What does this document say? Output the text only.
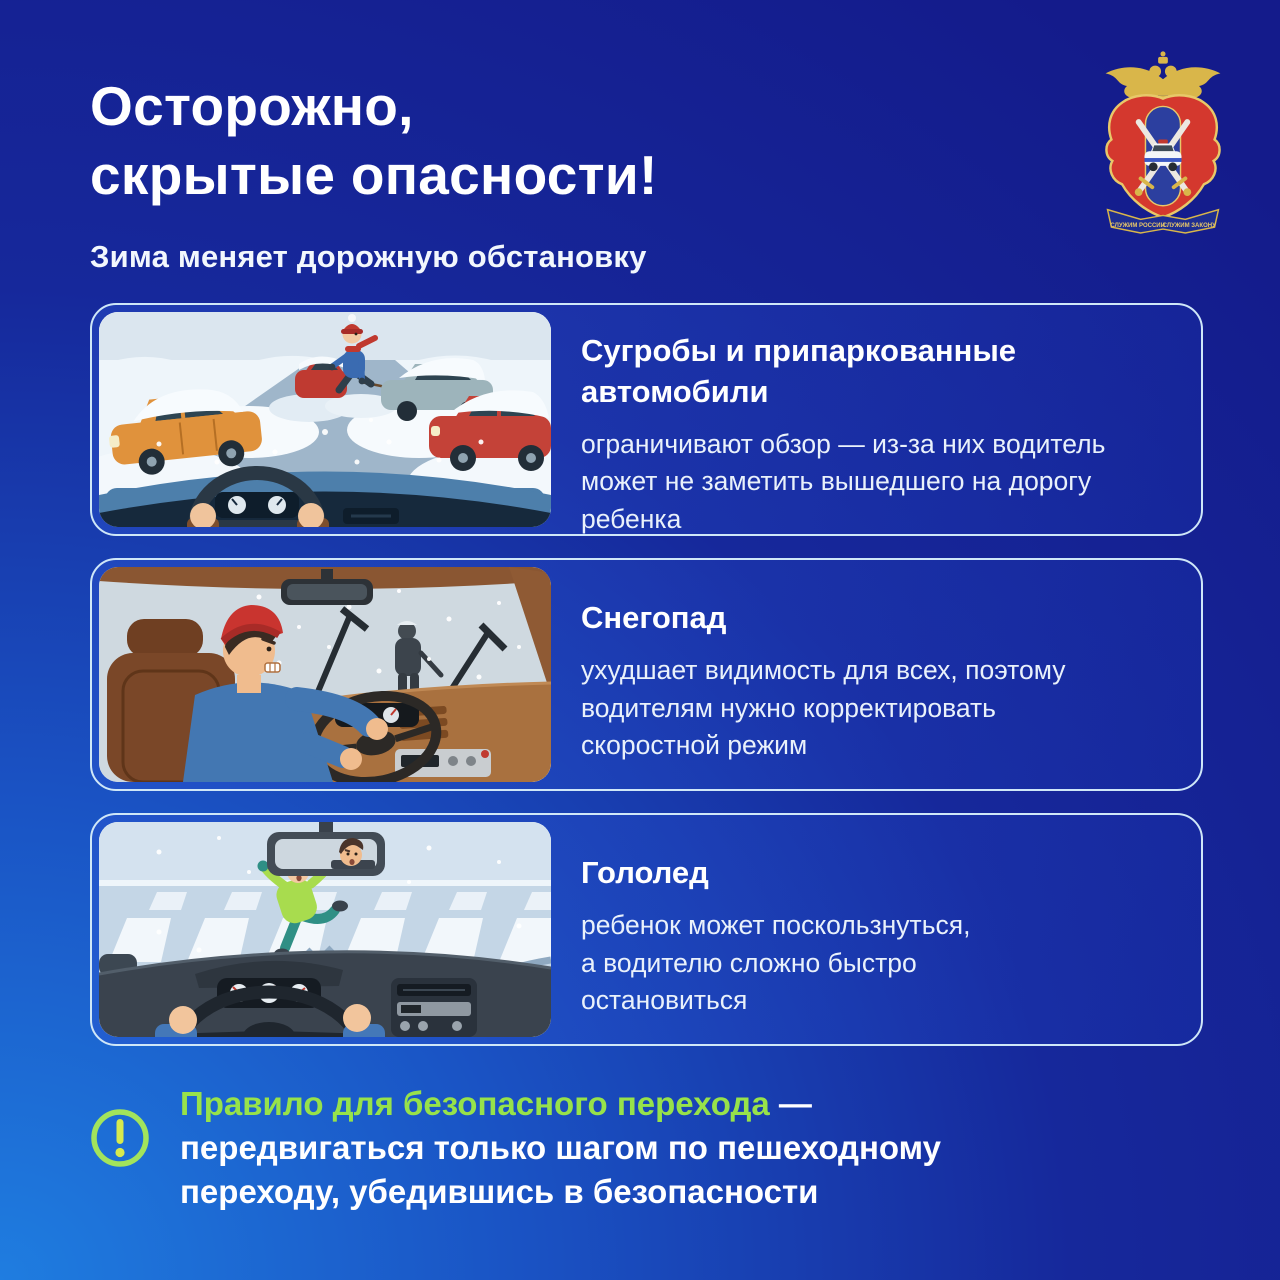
Осторожно,
скрытые опасности!
Зима меняет дорожную обстановку
СЛУЖИМ РОССИИ
СЛУЖИМ ЗАКОНУ
Сугробы и припаркованные
автомобили
ограничивают обзор — из-за них водитель
может не заметить вышедшего на дорогу
ребенка
Снегопад
ухудшает видимость для всех, поэтому
водителям нужно корректировать
скоростной режим
Гололед
ребенок может поскользнуться,
а водителю сложно быстро
остановиться

Правило для безопасного перехода —
передвигаться только шагом по пешеходному
переходу, убедившись в безопасности
